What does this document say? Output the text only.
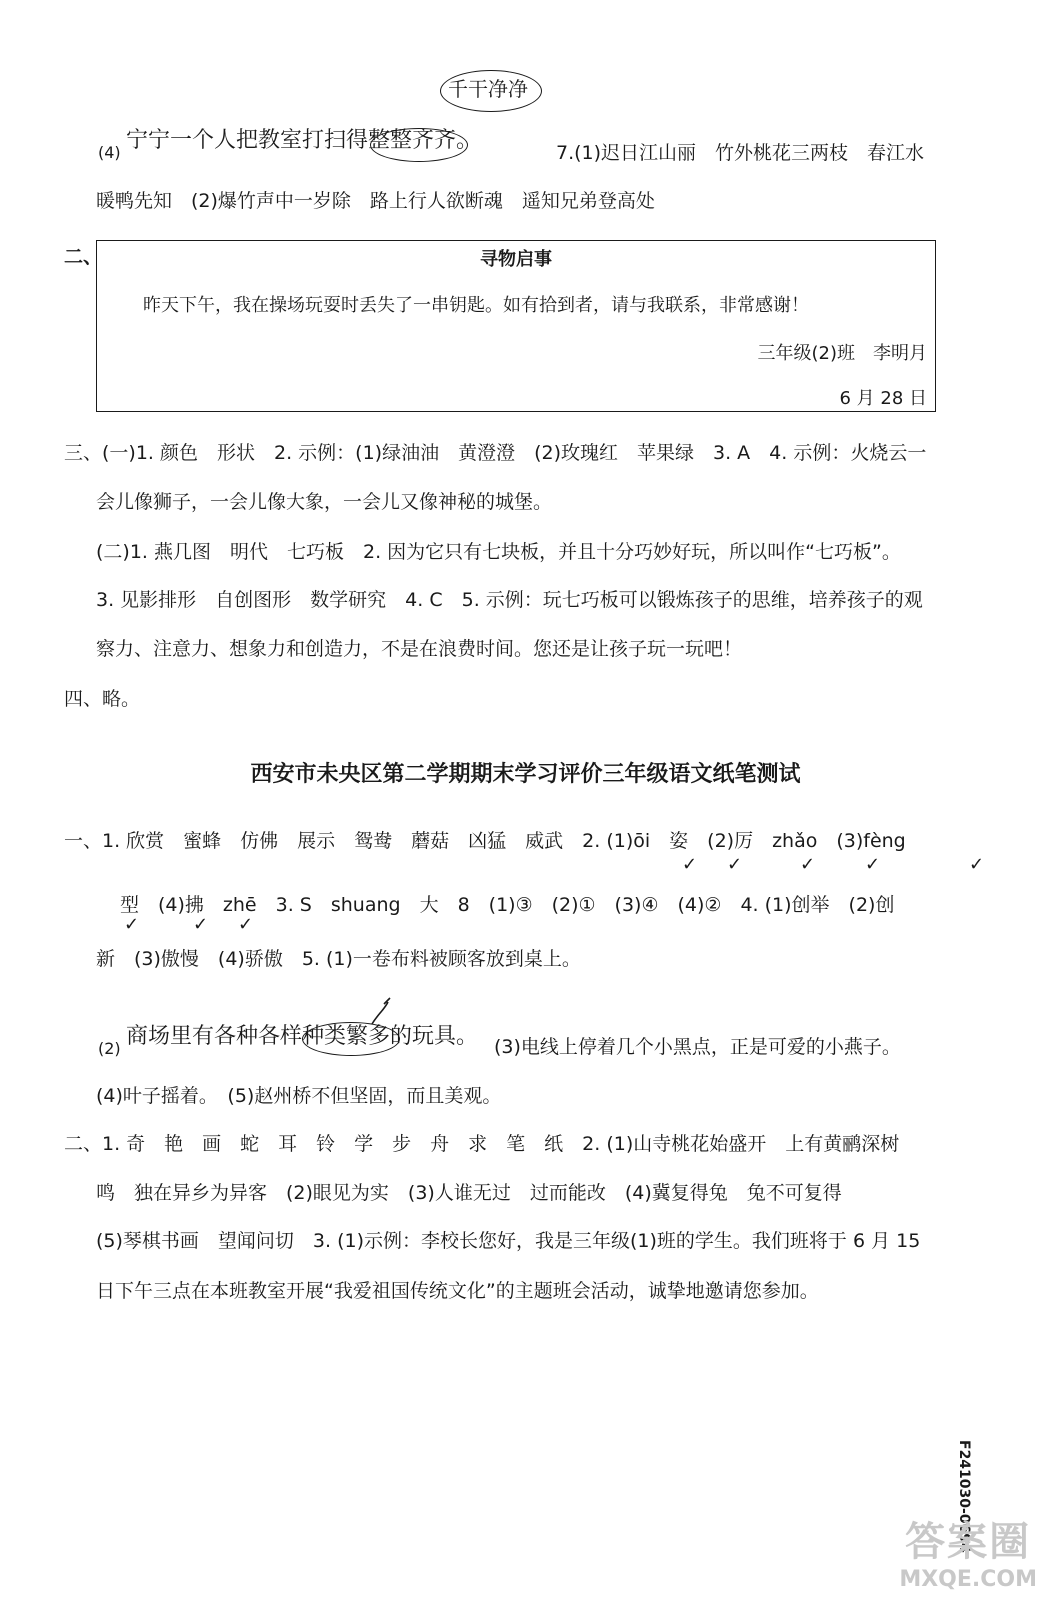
千干净净
(4) 宁宁一个人把教室打扫得整整齐齐。	7.(1)迟日江山丽　竹外桃花三两枝　春江水
暖鸭先知　(2)爆竹声中一岁除　路上行人欲断魂　遥知兄弟登高处
二、	寻物启事
昨天下午，我在操场玩耍时丢失了一串钥匙。如有拾到者，请与我联系，非常感谢！
三年级(2)班　李明月
6 月 28 日
三、(一)1. 颜色　形状　2. 示例：(1)绿油油　黄澄澄　(2)玫瑰红　苹果绿　3. A　4. 示例：火烧云一
会儿像狮子，一会儿像大象，一会儿又像神秘的城堡。
(二)1. 燕几图　明代　七巧板　2. 因为它只有七块板，并且十分巧妙好玩，所以叫作“七巧板”。
3. 见影排形　自创图形　数学研究　4. C　5. 示例：玩七巧板可以锻炼孩子的思维，培养孩子的观
察力、注意力、想象力和创造力，不是在浪费时间。您还是让孩子玩一玩吧！
四、略。
西安市未央区第二学期期末学习评价三年级语文纸笔测试
一、1. 欣赏　蜜蜂　仿佛　展示　鸳鸯　蘑菇　凶猛　威武　2. (1)ōi　姿　(2)厉　zhǎo　(3)fèng
✓ ✓	✓	✓	✓
型　(4)拂　zhē　3. S　shuang　大　8　(1)③　(2)①　(3)④　(4)②　4. (1)创举　(2)创
✓	✓ ✓
新　(3)傲慢　(4)骄傲　5. (1)一卷布料被顾客放到桌上。
(2) 商场里有各种各样种类繁多的玩具。 (3)电线上停着几个小黑点，正是可爱的小燕子。
(4)叶子摇着。　(5)赵州桥不但坚固，而且美观。
二、1. 奇　艳　画　蛇　耳　铃　学　步　舟　求　笔　纸　2. (1)山寺桃花始盛开　上有黄鹂深树
鸣　独在异乡为异客　(2)眼见为实　(3)人谁无过　过而能改　(4)冀复得兔　兔不可复得
(5)琴棋书画　望闻问切　3. (1)示例：李校长您好，我是三年级(1)班的学生。我们班将于 6 月 15
日下午三点在本班教室开展“我爱祖国传统文化”的主题班会活动，诚挚地邀请您参加。
F241030-0694
答案圈
MXQE.COM
